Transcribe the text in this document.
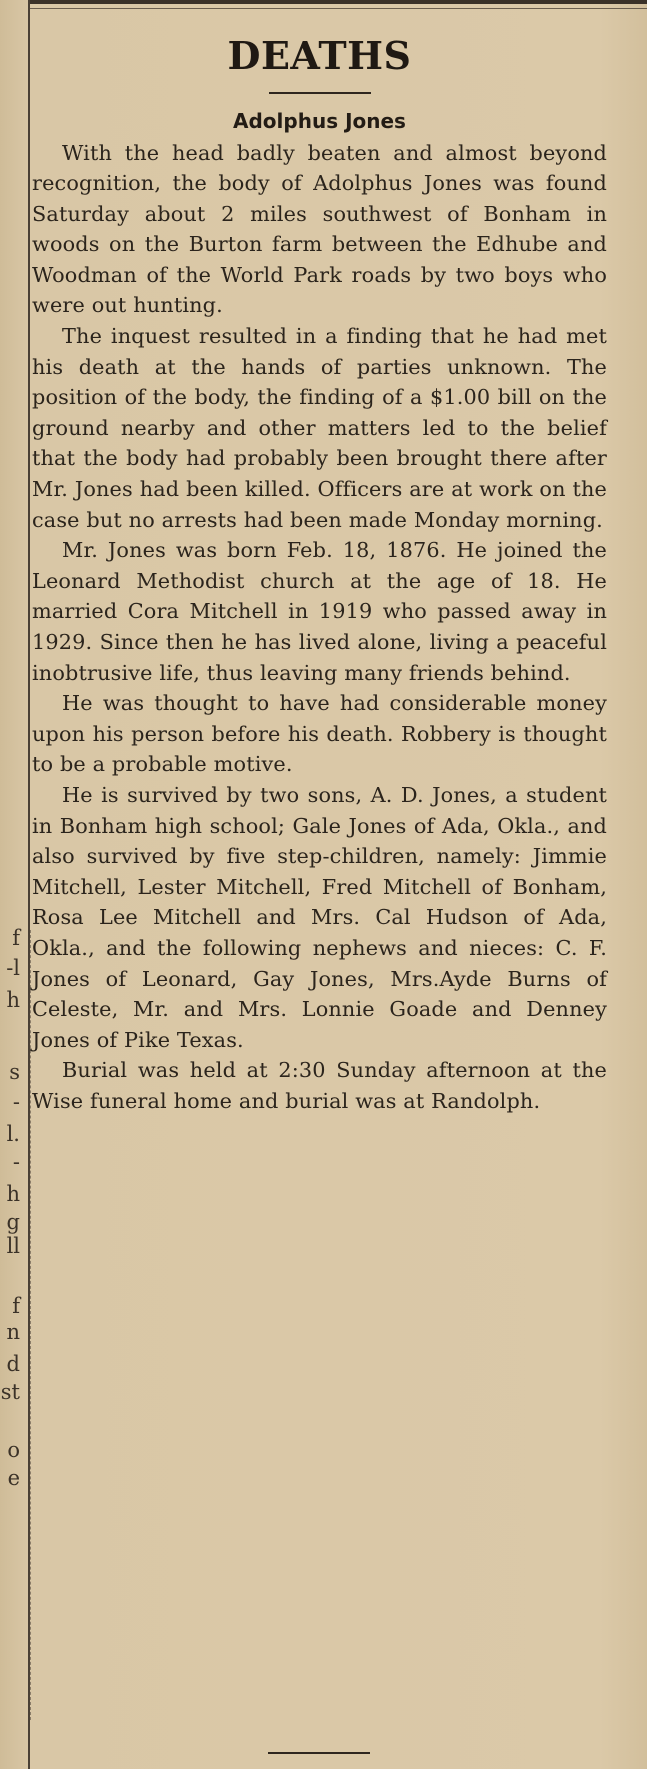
f
-l
h
s
-
l.
-
h
g
ll
f
n
d
st
o
e
DEATHS
Adolphus Jones

With the head badly beaten and almost beyond recognition, the body of Adolphus Jones was found Saturday about 2 miles southwest of Bonham in woods on the Burton farm between the Edhube and Woodman of the World Park roads by two boys who were out hunting.

The inquest resulted in a finding that he had met his death at the hands of parties unknown. The position of the body, the finding of a $1.00 bill on the ground nearby and other matters led to the belief that the body had probably been brought there after Mr. Jones had been killed. Officers are at work on the case but no arrests had been made Monday morning.

Mr. Jones was born Feb. 18, 1876. He joined the Leonard Methodist church at the age of 18. He married Cora Mitchell in 1919 who passed away in 1929. Since then he has lived alone, living a peaceful inobtrusive life, thus leaving many friends behind.

He was thought to have had considerable money upon his person before his death. Robbery is thought to be a probable motive.

He is survived by two sons, A. D. Jones, a student in Bonham high school; Gale Jones of Ada, Okla., and also survived by five step-children, namely: Jimmie Mitchell, Lester Mitchell, Fred Mitchell of Bonham, Rosa Lee Mitchell and Mrs. Cal Hudson of Ada, Okla., and the following nephews and nieces: C. F. Jones of Leonard, Gay Jones, Mrs.Ayde Burns of Celeste, Mr. and Mrs. Lonnie Goade and Denney Jones of Pike Texas.

Burial was held at 2:30 Sunday afternoon at the Wise funeral home and burial was at Randolph.
